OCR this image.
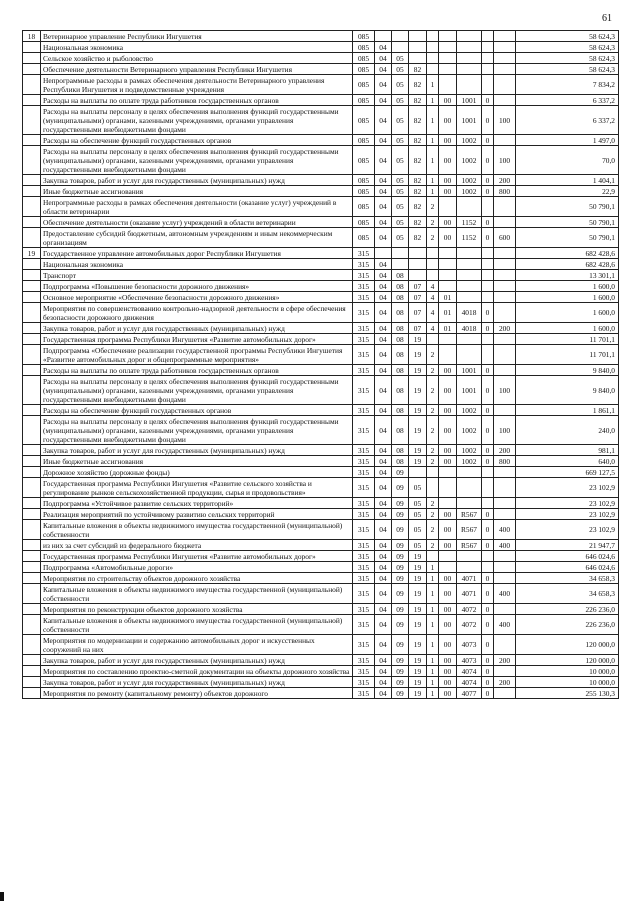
61
18	Ветеринарное управление Республики Ингушетия	085									58 624,3
	Национальная экономика	085	04								58 624,3
	Сельское хозяйство и рыболовство	085	04	05							58 624,3
	Обеспечение деятельности Ветеринарного управления Республики Ингушетия	085	04	05	82						58 624,3
	Непрограммные расходы в рамках обеспечения деятельности Ветеринарного управления Республики Ингушетия и подведомственные учреждения	085	04	05	82	1					7 834,2
	Расходы на выплаты по оплате труда работников государственных органов	085	04	05	82	1	00	1001	0		6 337,2
	Расходы на выплаты персоналу в целях обеспечения выполнения функций государственными (муниципальными) органами, казенными учреждениями, органами управления государственными внебюджетными фондами	085	04	05	82	1	00	1001	0	100	6 337,2
	Расходы на обеспечение функций государственных органов	085	04	05	82	1	00	1002	0		1 497,0
	Расходы на выплаты персоналу в целях обеспечения выполнения функций государственными (муниципальными) органами, казенными учреждениями, органами управления государственными внебюджетными фондами	085	04	05	82	1	00	1002	0	100	70,0
	Закупка товаров, работ и услуг для государственных (муниципальных) нужд	085	04	05	82	1	00	1002	0	200	1 404,1
	Иные бюджетные ассигнования	085	04	05	82	1	00	1002	0	800	22,9
	Непрограммные расходы в рамках обеспечения деятельности (оказание услуг) учреждений в области ветеринарии	085	04	05	82	2					50 790,1
	Обеспечение деятельности (оказание услуг) учреждений в области ветеринарии	085	04	05	82	2	00	1152	0		50 790,1
	Предоставление субсидий бюджетным, автономным учреждениям и иным некоммерческим организациям	085	04	05	82	2	00	1152	0	600	50 790,1
19	Государственное управление автомобильных дорог Республики Ингушетия	315									682 428,6
	Национальная экономика	315	04								682 428,6
	Транспорт	315	04	08							13 301,1
	Подпрограмма «Повышение безопасности дорожного движения»	315	04	08	07	4					1 600,0
	Основное мероприятие «Обеспечение безопасности дорожного движения»	315	04	08	07	4	01				1 600,0
	Мероприятия по совершенствованию контрольно-надзорной деятельности в сфере обеспечения безопасности дорожного движения	315	04	08	07	4	01	4018	0		1 600,0
	Закупка товаров, работ и услуг для государственных (муниципальных) нужд	315	04	08	07	4	01	4018	0	200	1 600,0
	Государственная программа Республики Ингушетия «Развитие автомобильных дорог»	315	04	08	19						11 701,1
	Подпрограмма «Обеспечение реализации государственной программы Республики Ингушетия «Развитие автомобильных дорог и общепрограммные мероприятия»	315	04	08	19	2					11 701,1
	Расходы на выплаты по оплате труда работников государственных органов	315	04	08	19	2	00	1001	0		9 840,0
	Расходы на выплаты персоналу в целях обеспечения выполнения функций государственными (муниципальными) органами, казенными учреждениями, органами управления государственными внебюджетными фондами	315	04	08	19	2	00	1001	0	100	9 840,0
	Расходы на обеспечение функций государственных органов	315	04	08	19	2	00	1002	0		1 861,1
	Расходы на выплаты персоналу в целях обеспечения выполнения функций государственными (муниципальными) органами, казенными учреждениями, органами управления государственными внебюджетными фондами	315	04	08	19	2	00	1002	0	100	240,0
	Закупка товаров, работ и услуг для государственных (муниципальных) нужд	315	04	08	19	2	00	1002	0	200	981,1
	Иные бюджетные ассигнования	315	04	08	19	2	00	1002	0	800	640,0
	Дорожное хозяйство (дорожные фонды)	315	04	09							669 127,5
	Государственная программа Республики Ингушетия «Развитие сельского хозяйства и регулирование рынков сельскохозяйственной продукции, сырья и продовольствия»	315	04	09	05						23 102,9
	Подпрограмма «Устойчивое развитие сельских территорий»	315	04	09	05	2					23 102,9
	Реализация мероприятий по устойчивому развитию сельских территорий	315	04	09	05	2	00	R567	0		23 102,9
	Капитальные вложения в объекты недвижимого имущества государственной (муниципальной) собственности	315	04	09	05	2	00	R567	0	400	23 102,9
	из них за счет субсидий из федерального бюджета	315	04	09	05	2	00	R567	0	400	21 947,7
	Государственная программа Республики Ингушетия «Развитие автомобильных дорог»	315	04	09	19						646 024,6
	Подпрограмма «Автомобильные дороги»	315	04	09	19	1					646 024,6
	Мероприятия по строительству объектов дорожного хозяйства	315	04	09	19	1	00	4071	0		34 658,3
	Капитальные вложения в объекты недвижимого имущества государственной (муниципальной) собственности	315	04	09	19	1	00	4071	0	400	34 658,3
	Мероприятия по реконструкции объектов дорожного хозяйства	315	04	09	19	1	00	4072	0		226 236,0
	Капитальные вложения в объекты недвижимого имущества государственной (муниципальной) собственности	315	04	09	19	1	00	4072	0	400	226 236,0
	Мероприятия по модернизации и содержанию автомобильных дорог и искусственных сооружений на них	315	04	09	19	1	00	4073	0		120 000,0
	Закупка товаров, работ и услуг для государственных (муниципальных) нужд	315	04	09	19	1	00	4073	0	200	120 000,0
	Мероприятия по составлению проектно-сметной документации на объекты дорожного хозяйства	315	04	09	19	1	00	4074	0		10 000,0
	Закупка товаров, работ и услуг для государственных (муниципальных) нужд	315	04	09	19	1	00	4074	0	200	10 000,0
	Мероприятия по ремонту (капитальному ремонту) объектов дорожного	315	04	09	19	1	00	4077	0		255 130,3
